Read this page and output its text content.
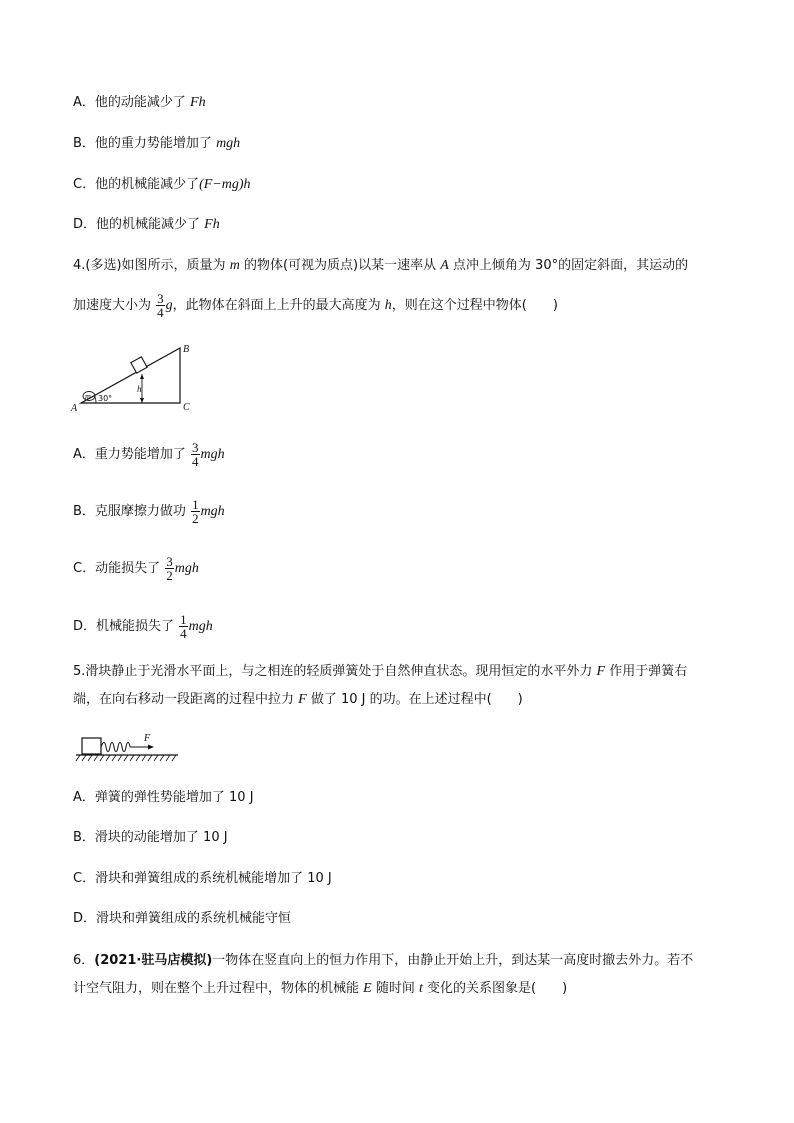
A．他的动能减少了 Fh
B．他的重力势能增加了 mgh
C．他的机械能减少了(F−mg)h
D．他的机械能减少了 Fh
4.(多选)如图所示，质量为 m 的物体(可视为质点)以某一速率从 A 点冲上倾角为 30°的固定斜面，其运动的
加速度大小为 $\frac{3}{4}$ g，此物体在斜面上上升的最大高度为 h，则在这个过程中物体(　　)
A
B
C
m
h
30°
A．重力势能增加了 $\frac{3}{4}$ mgh
B．克服摩擦力做功 $\frac{1}{2}$ mgh
C．动能损失了 $\frac{3}{2}$ mgh
D．机械能损失了 $\frac{1}{4}$ mgh
5.滑块静止于光滑水平面上，与之相连的轻质弹簧处于自然伸直状态。现用恒定的水平外力 F 作用于弹簧右
端，在向右移动一段距离的过程中拉力 F 做了 10 J 的功。在上述过程中(　　)
F
A．弹簧的弹性势能增加了 10 J
B．滑块的动能增加了 10 J
C．滑块和弹簧组成的系统机械能增加了 10 J
D．滑块和弹簧组成的系统机械能守恒
6．(2021·驻马店模拟)一物体在竖直向上的恒力作用下，由静止开始上升，到达某一高度时撤去外力。若不
计空气阻力，则在整个上升过程中，物体的机械能 E 随时间 t 变化的关系图象是(　　)
